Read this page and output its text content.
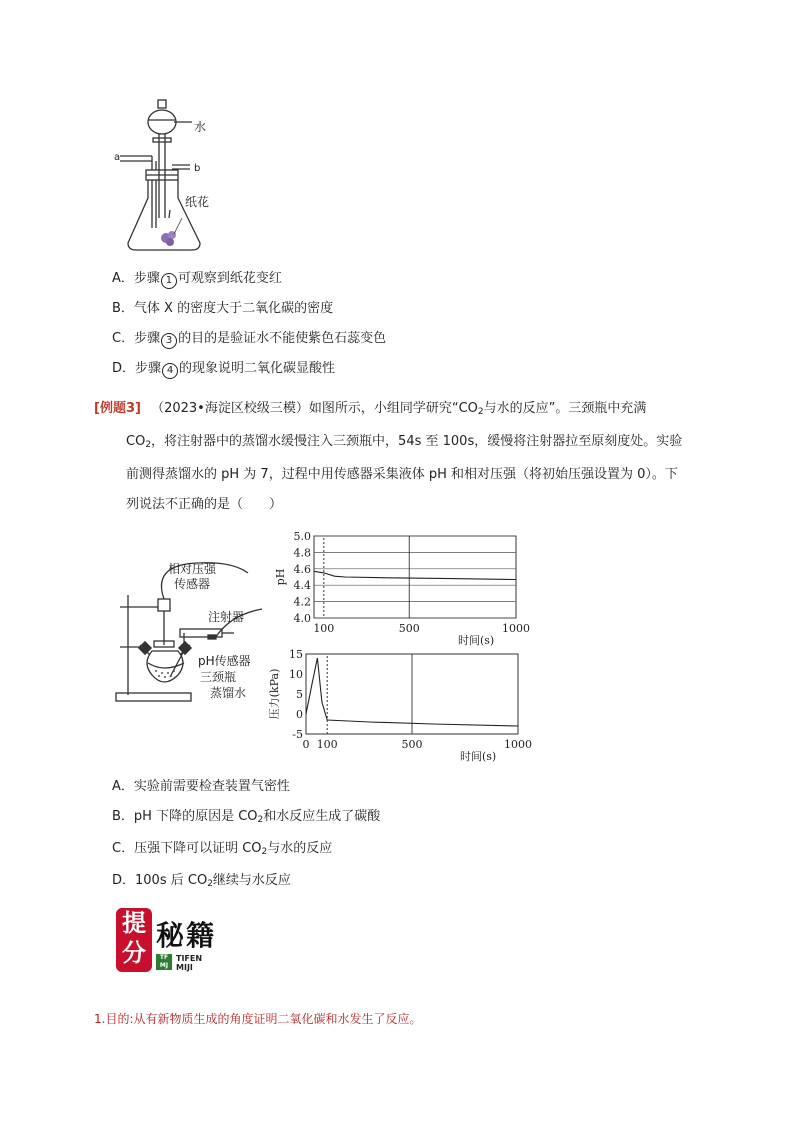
水
a
b
纸花
A．步骤 1 可观察到纸花变红
B．气体 X 的密度大于二氧化碳的密度
C．步骤 3 的目的是验证水不能使紫色石蕊变色
D．步骤 4 的现象说明二氧化碳显酸性
[例题3] （2023•海淀区校级三模）如图所示，小组同学研究“$CO_2$与水的反应”。三颈瓶中充满
$CO_2$，将注射器中的蒸馏水缓慢注入三颈瓶中，54s 至 100s，缓慢将注射器拉至原刻度处。实验
前测得蒸馏水的 pH 为 7，过程中用传感器采集液体 pH 和相对压强（将初始压强设置为 0）。下
列说法不正确的是（　　）
相对压强
传感器
注射器
pH传感器
三颈瓶
蒸馏水
5.0
4.8
4.6
4.4
4.2
4.0
100	500	1000
时间(s)
pH
15
10
5
0
-5
0 100	500	1000
时间(s)
压力(kPa)
A．实验前需要检查装置气密性
B．pH 下降的原因是 $CO_2$和水反应生成了碳酸
C．压强下降可以证明 $CO_2$与水的反应
D．100s 后 $CO_2$继续与水反应
提
分
秘籍
TF
MJ
TIFEN
MIJI
1.目的:从有新物质生成的角度证明二氧化碳和水发生了反应。
